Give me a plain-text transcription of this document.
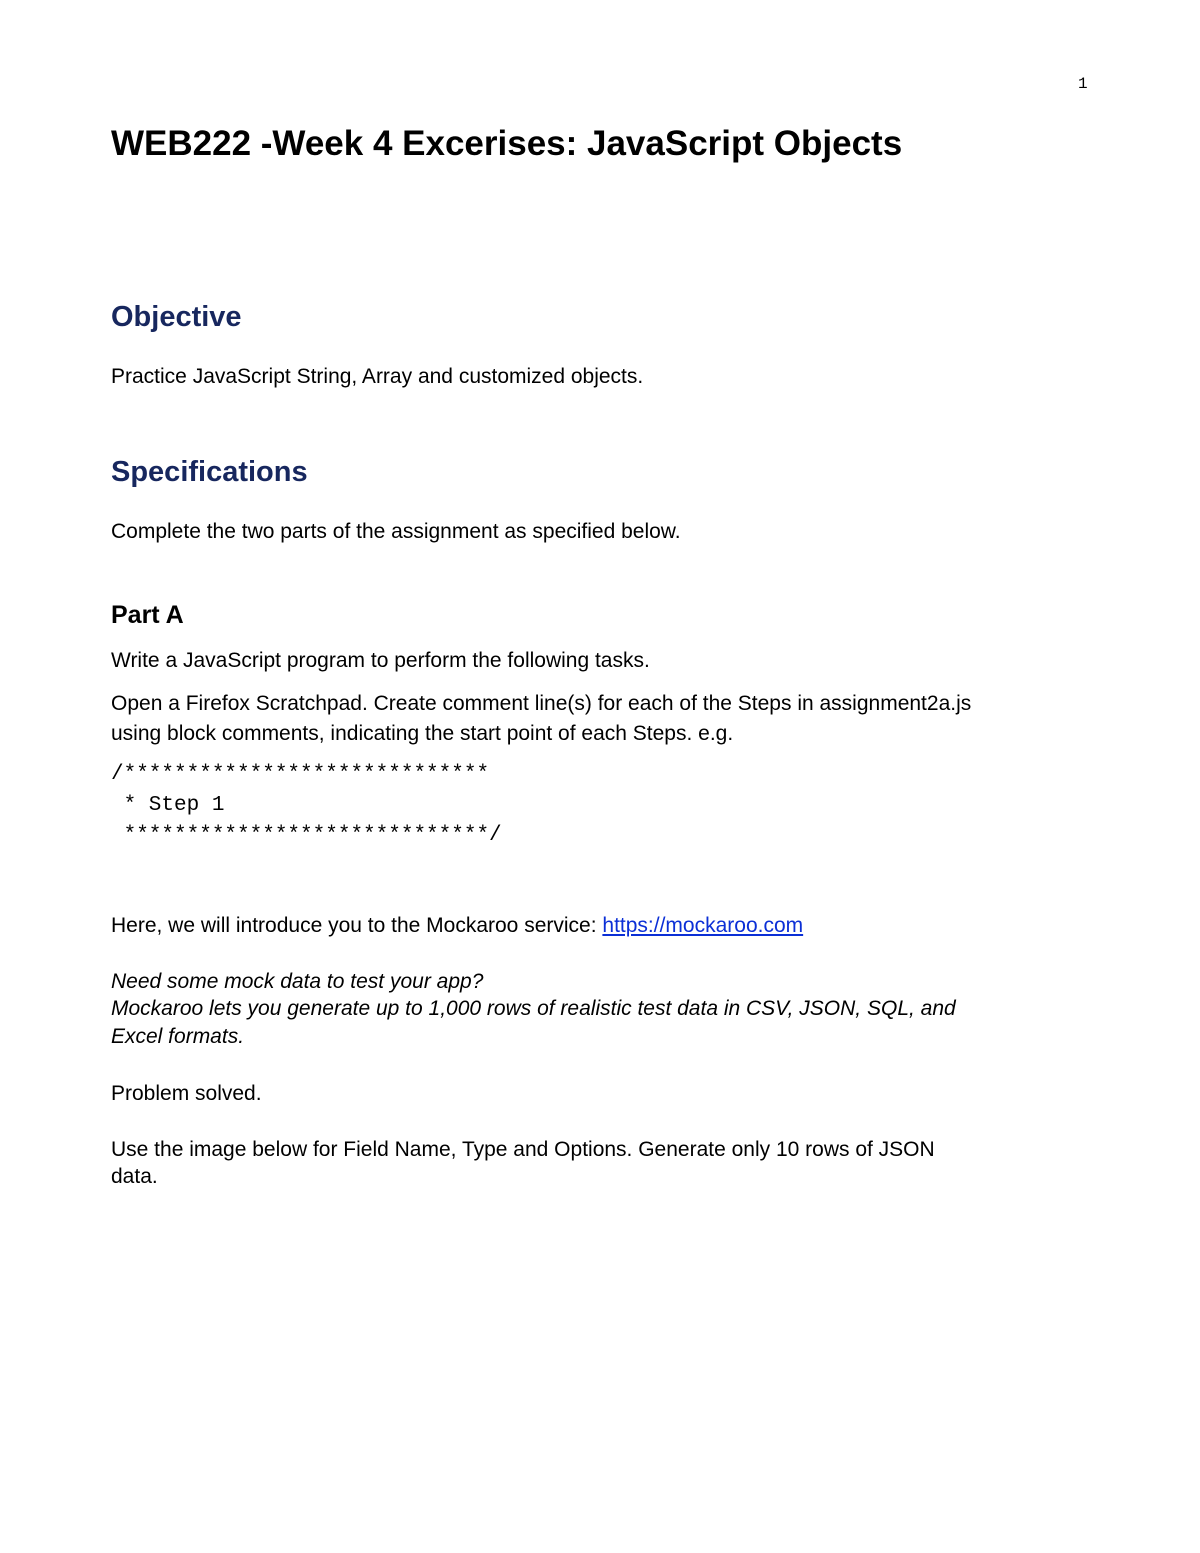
1
WEB222 -Week 4 Excerises: JavaScript Objects
Objective

Practice JavaScript String, Array and customized objects.

Specifications

Complete the two parts of the assignment as specified below.

Part A

Write a JavaScript program to perform the following tasks.

Open a Firefox Scratchpad. Create comment line(s) for each of the Steps in assignment2a.js

using block comments, indicating the start point of each Steps. e.g.

/*****************************
* Step 1
*****************************/

Here, we will introduce you to the Mockaroo service: https://mockaroo.com

Need some mock data to test your app?

Mockaroo lets you generate up to 1,000 rows of realistic test data in CSV, JSON, SQL, and

Excel formats.

Problem solved.

Use the image below for Field Name, Type and Options. Generate only 10 rows of JSON

data.
